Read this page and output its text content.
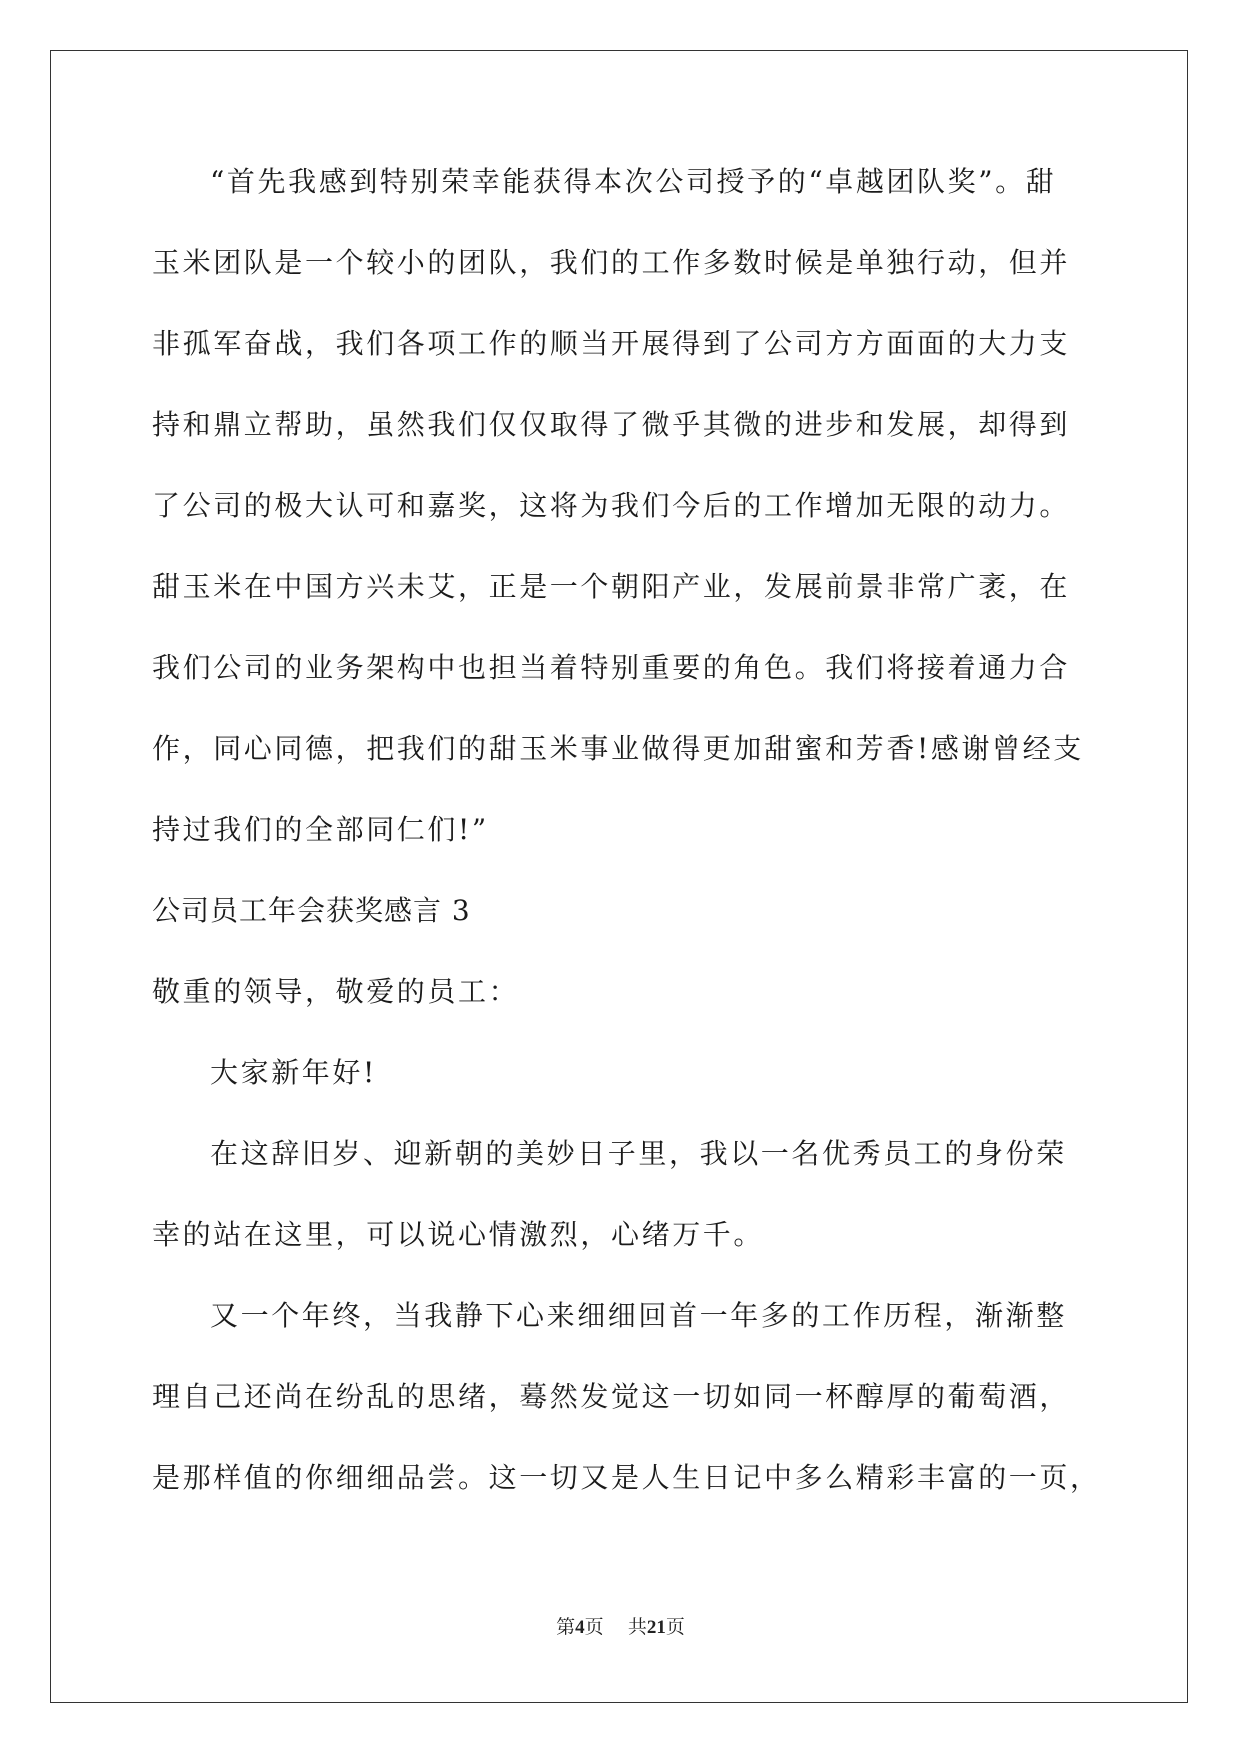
“首先我感到特别荣幸能获得本次公司授予的“卓越团队奖”。甜
玉米团队是一个较小的团队，我们的工作多数时候是单独行动，但并
非孤军奋战，我们各项工作的顺当开展得到了公司方方面面的大力支
持和鼎立帮助，虽然我们仅仅取得了微乎其微的进步和发展，却得到
了公司的极大认可和嘉奖，这将为我们今后的工作增加无限的动力。
甜玉米在中国方兴未艾，正是一个朝阳产业，发展前景非常广袤，在
我们公司的业务架构中也担当着特别重要的角色。我们将接着通力合
作，同心同德，把我们的甜玉米事业做得更加甜蜜和芳香!感谢曾经支
持过我们的全部同仁们!”
公司员工年会获奖感言 3
敬重的领导，敬爱的员工：
大家新年好!
在这辞旧岁、迎新朝的美妙日子里，我以一名优秀员工的身份荣
幸的站在这里，可以说心情激烈，心绪万千。
又一个年终，当我静下心来细细回首一年多的工作历程，渐渐整
理自己还尚在纷乱的思绪，蓦然发觉这一切如同一杯醇厚的葡萄酒，
是那样值的你细细品尝。这一切又是人生日记中多么精彩丰富的一页，
第4页 共21页
